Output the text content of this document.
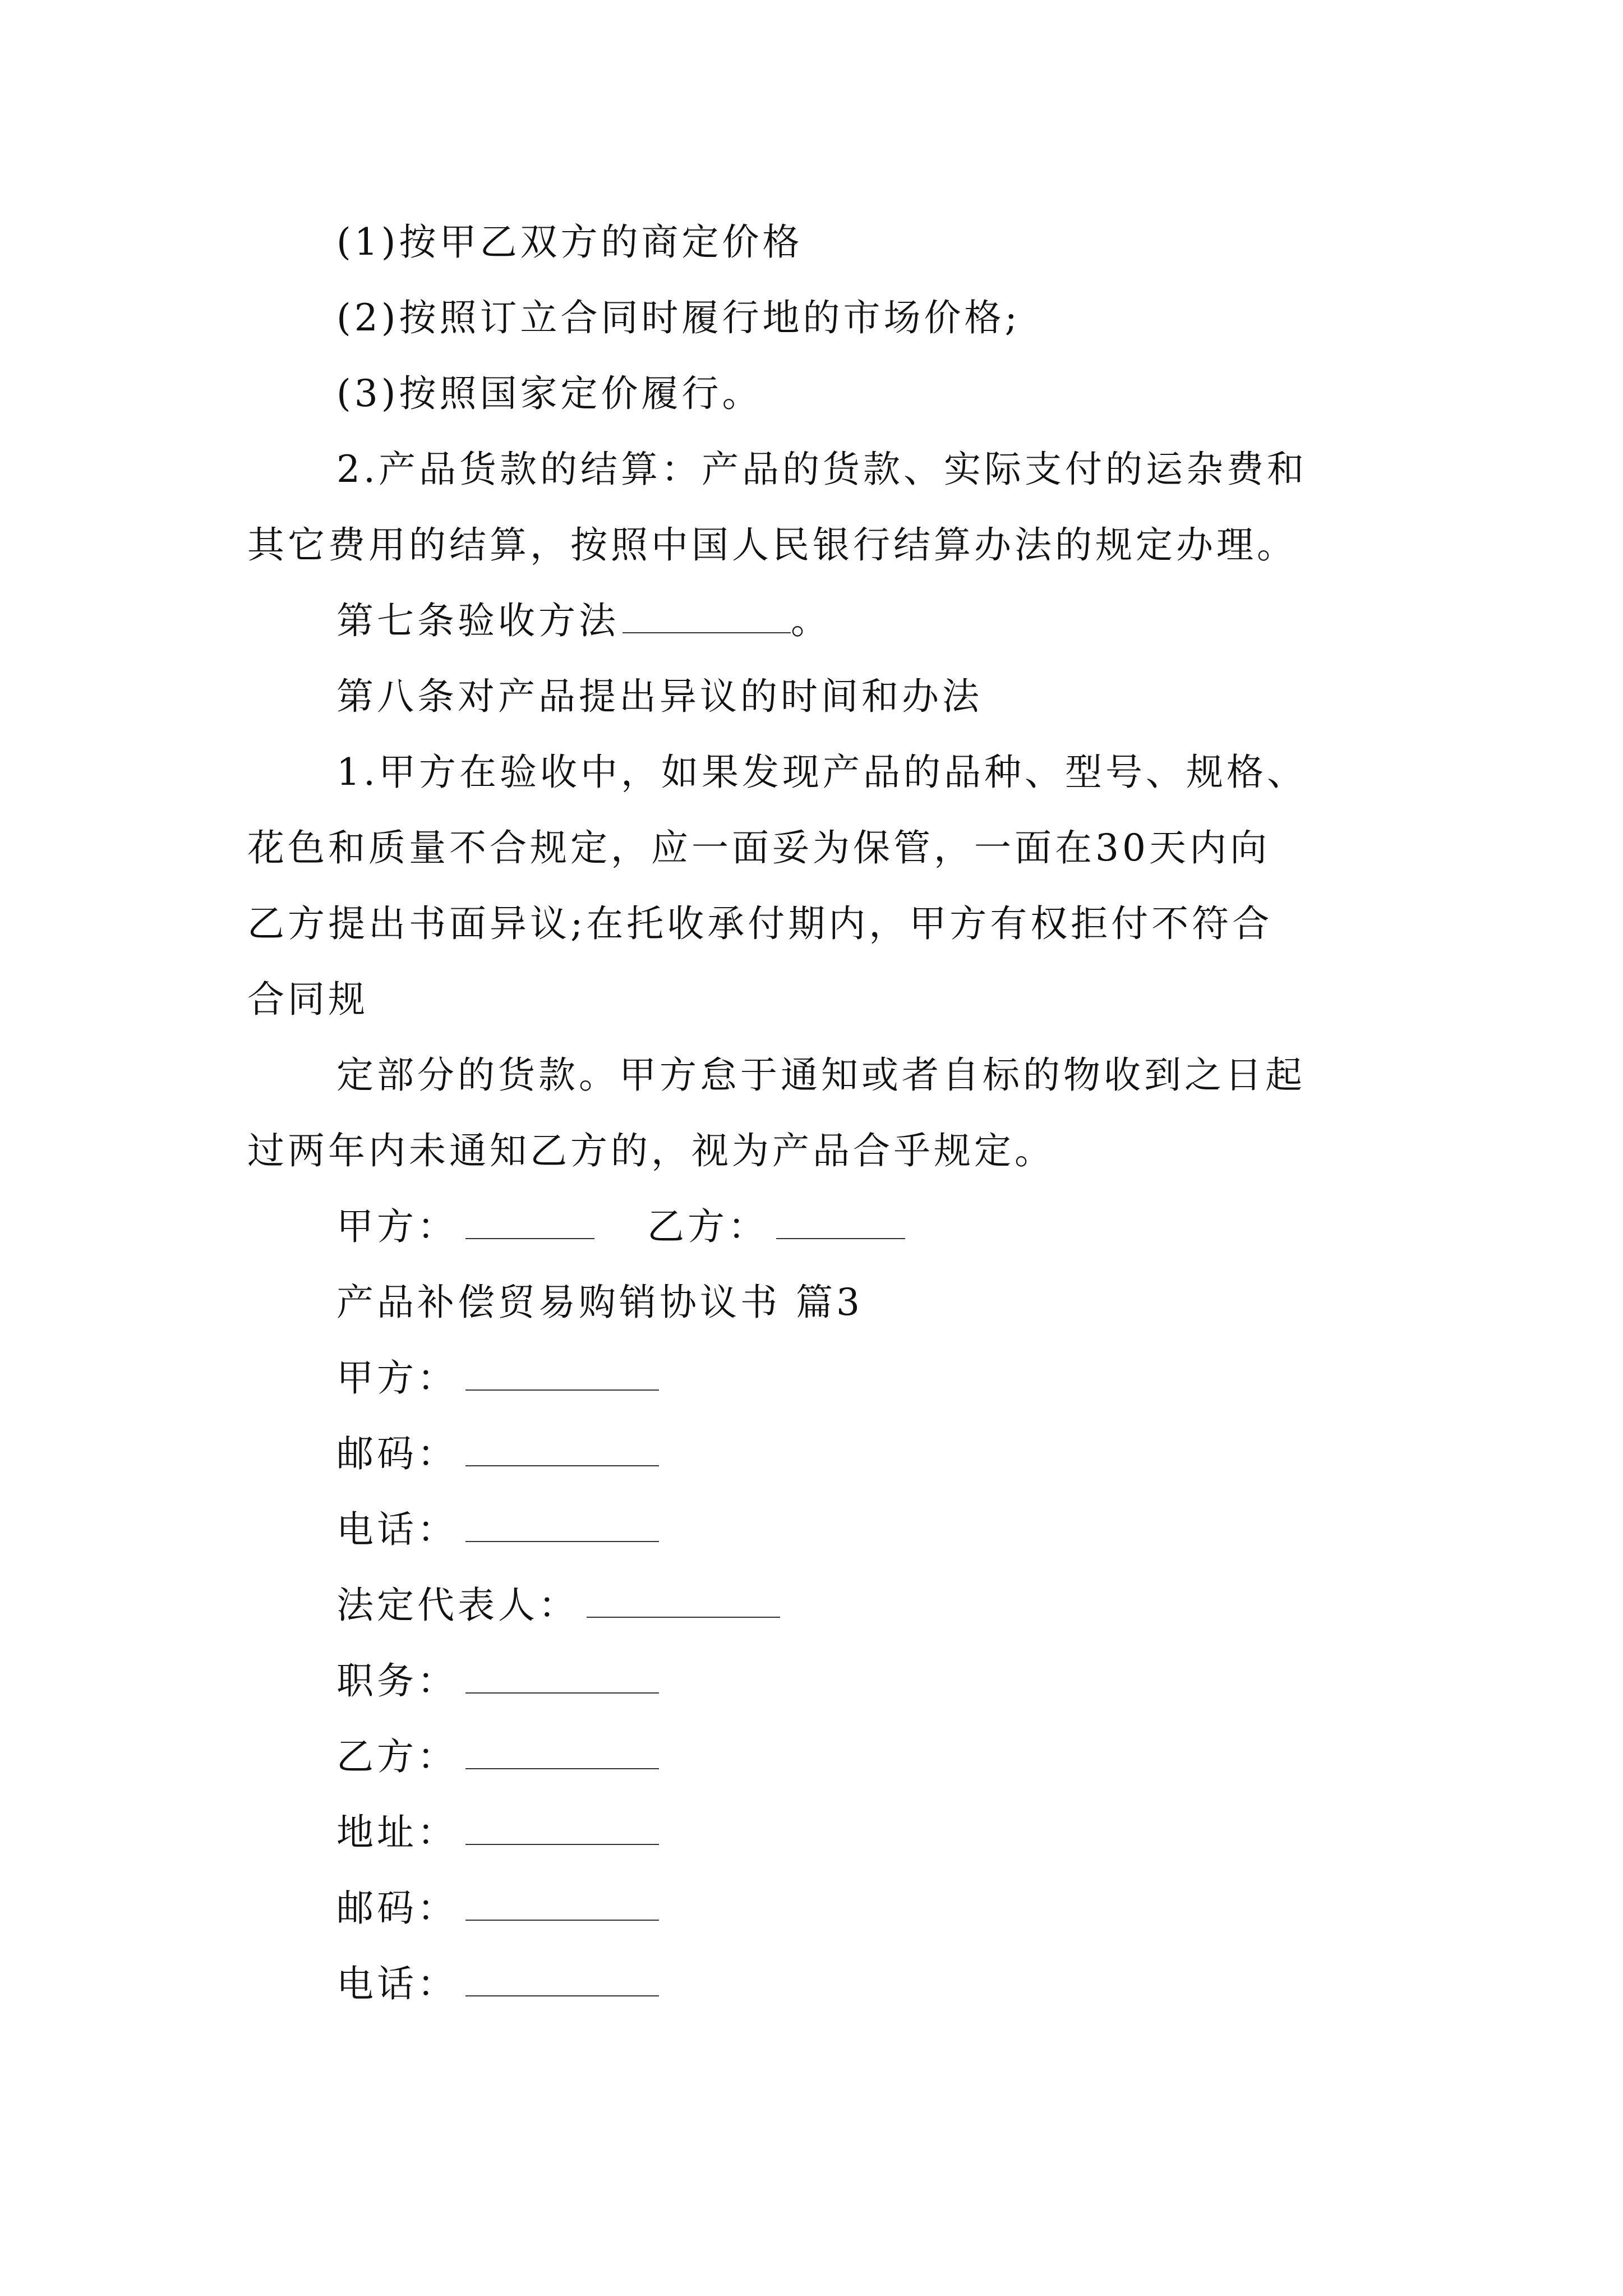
(1)按甲乙双方的商定价格
(2)按照订立合同时履行地的市场价格;
(3)按照国家定价履行。
2.产品货款的结算：产品的货款、实际支付的运杂费和
其它费用的结算，按照中国人民银行结算办法的规定办理。
第七条验收方法	。
第八条对产品提出异议的时间和办法
1.甲方在验收中，如果发现产品的品种、型号、规格、
花色和质量不合规定，应一面妥为保管，一面在30天内向
乙方提出书面异议;在托收承付期内，甲方有权拒付不符合
合同规
定部分的货款。甲方怠于通知或者自标的物收到之日起
过两年内未通知乙方的，视为产品合乎规定。
甲方：	乙方：
产品补偿贸易购销协议书 篇3
甲方：
邮码：
电话：
法定代表人：
职务：
乙方：
地址：
邮码：
电话：
